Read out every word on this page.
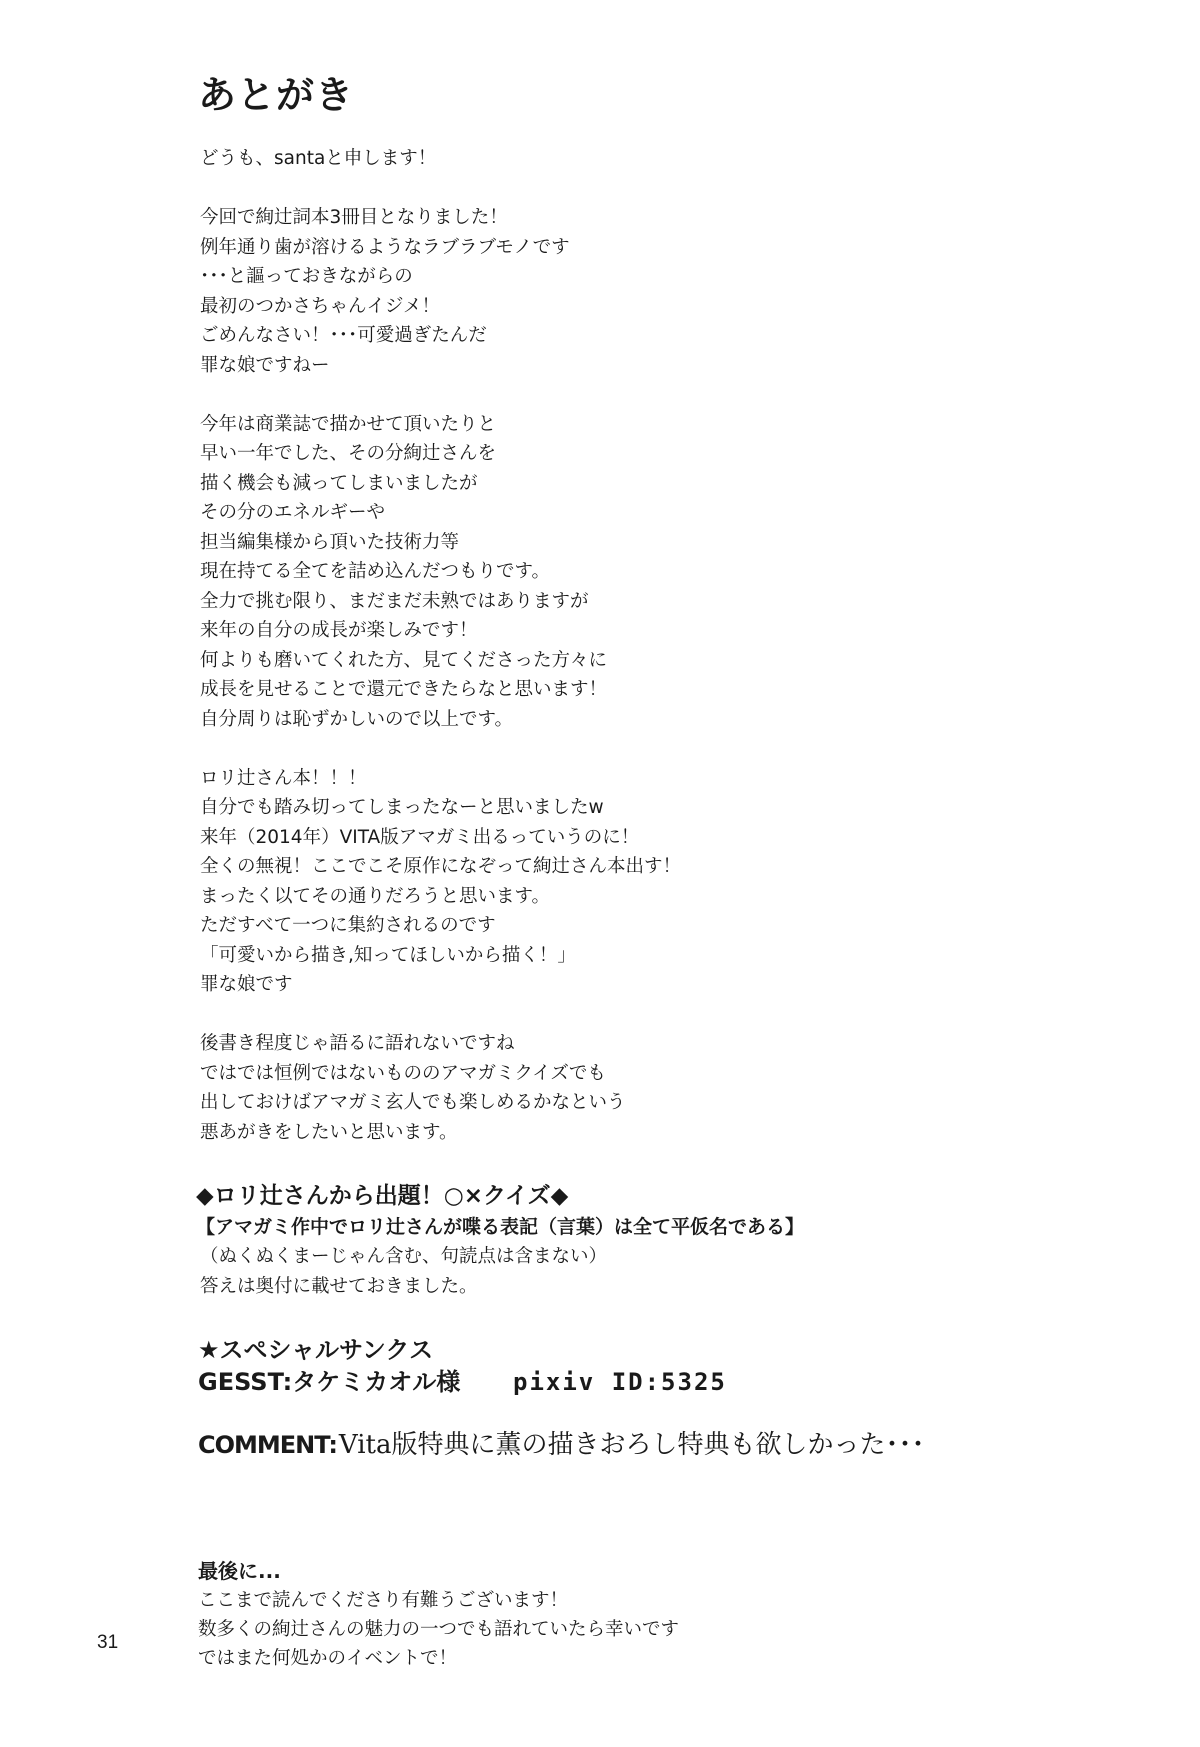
あとがき
どうも、santaと申します！
今回で絢辻詞本3冊目となりました！
例年通り歯が溶けるようなラブラブモノです
･･･と謳っておきながらの
最初のつかさちゃんイジメ！
ごめんなさい！･･･可愛過ぎたんだ
罪な娘ですねー
今年は商業誌で描かせて頂いたりと
早い一年でした、その分絢辻さんを
描く機会も減ってしまいましたが
その分のエネルギーや
担当編集様から頂いた技術力等
現在持てる全てを詰め込んだつもりです。
全力で挑む限り、まだまだ未熟ではありますが
来年の自分の成長が楽しみです！
何よりも磨いてくれた方、見てくださった方々に
成長を見せることで還元できたらなと思います！
自分周りは恥ずかしいので以上です。
ロリ辻さん本！！！
自分でも踏み切ってしまったなーと思いましたw
来年（2014年）VITA版アマガミ出るっていうのに！
全くの無視！ここでこそ原作になぞって絢辻さん本出す！
まったく以てその通りだろうと思います。
ただすべて一つに集約されるのです
「可愛いから描き,知ってほしいから描く！」
罪な娘です
後書き程度じゃ語るに語れないですね
ではでは恒例ではないもののアマガミクイズでも
出しておけばアマガミ玄人でも楽しめるかなという
悪あがきをしたいと思います。
◆ロリ辻さんから出題！○×クイズ◆
【アマガミ作中でロリ辻さんが喋る表記（言葉）は全て平仮名である】
（ぬくぬくまーじゃん含む、句読点は含まない）
答えは奥付に載せておきました。
★スペシャルサンクス
GESST:タケミカオル様	pixiv ID:5325
COMMENT: Vita版特典に薫の描きおろし特典も欲しかった･･･
最後に...
ここまで読んでくださり有難うございます！
数多くの絢辻さんの魅力の一つでも語れていたら幸いです
ではまた何処かのイベントで！
31
